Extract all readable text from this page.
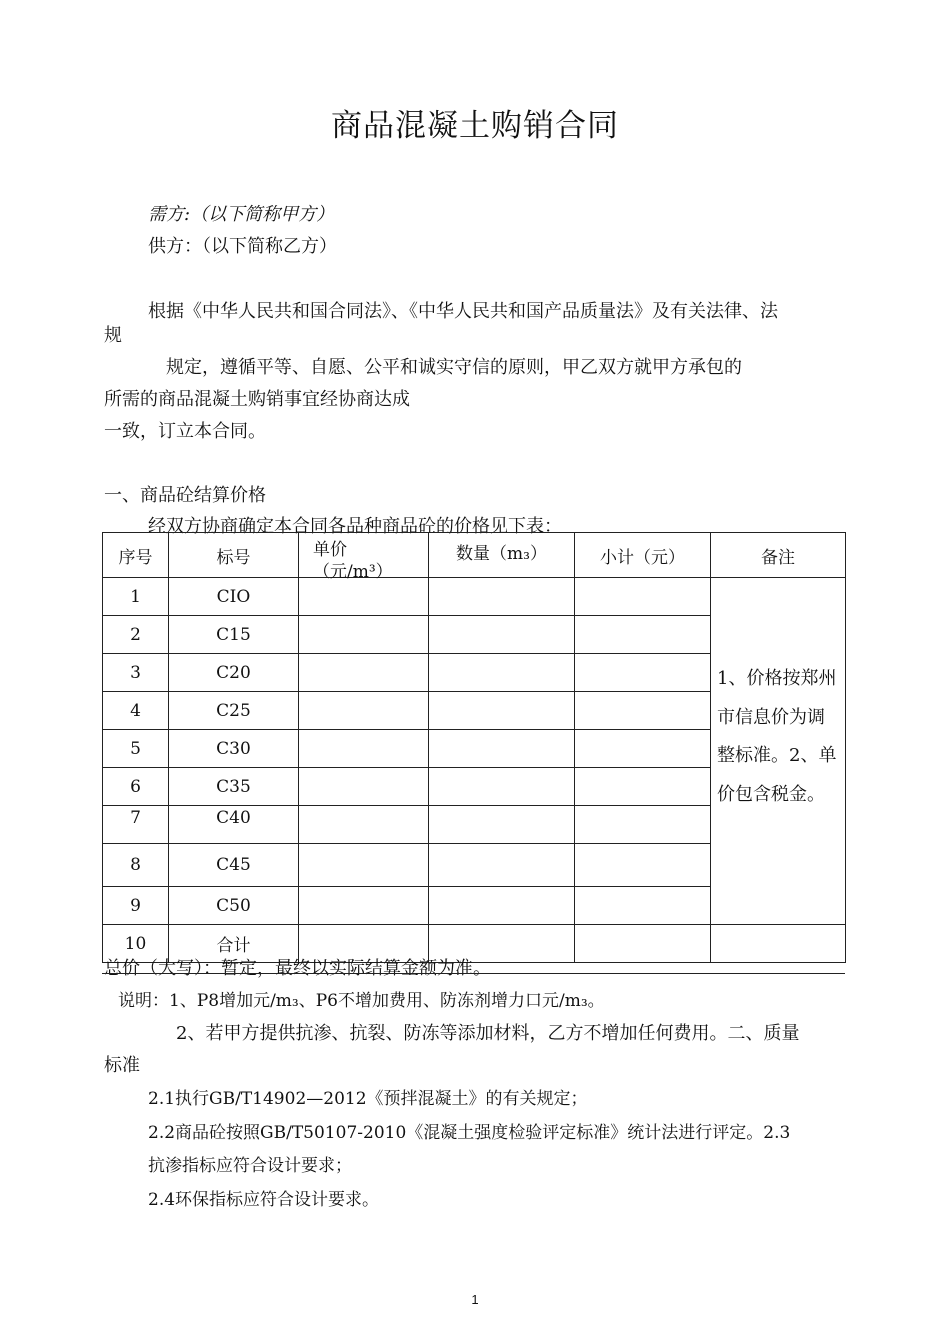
商品混凝土购销合同
需方:（以下简称甲方）
供方：（以下简称乙方）
根据《中华人民共和国合同法》、《中华人民共和国产品质量法》及有关法律、法
规
规定，遵循平等、自愿、公平和诚实守信的原则，甲乙双方就甲方承包的
所需的商品混凝土购销事宜经协商达成
一致，订立本合同。
一、商品砼结算价格
经双方协商确定本合同各品种商品砼的价格见下表：
序号	标号	单价（元/m³）	数量（m₃）	小计（元）	备注
1	CIO				1、价格按郑州市信息价为调整标准。2、单价包含税金。
2	C15				
3	C20				
4	C25				
5	C30				
6	C35				
7	C40				
8	C45				
9	C50				
10	合计				
总价（大写）：暂定，最终以实际结算金额为准。
说明：1、P8增加元/m₃、P6不增加费用、防冻剂增力口元/m₃。
2、若甲方提供抗渗、抗裂、防冻等添加材料，乙方不增加任何费用。二、质量
标准
2.1执行GB/T14902—2012《预拌混凝土》的有关规定；
2.2商品砼按照GB/T50107-2010《混凝土强度检验评定标准》统计法进行评定。2.3
抗渗指标应符合设计要求；
2.4环保指标应符合设计要求。
1
